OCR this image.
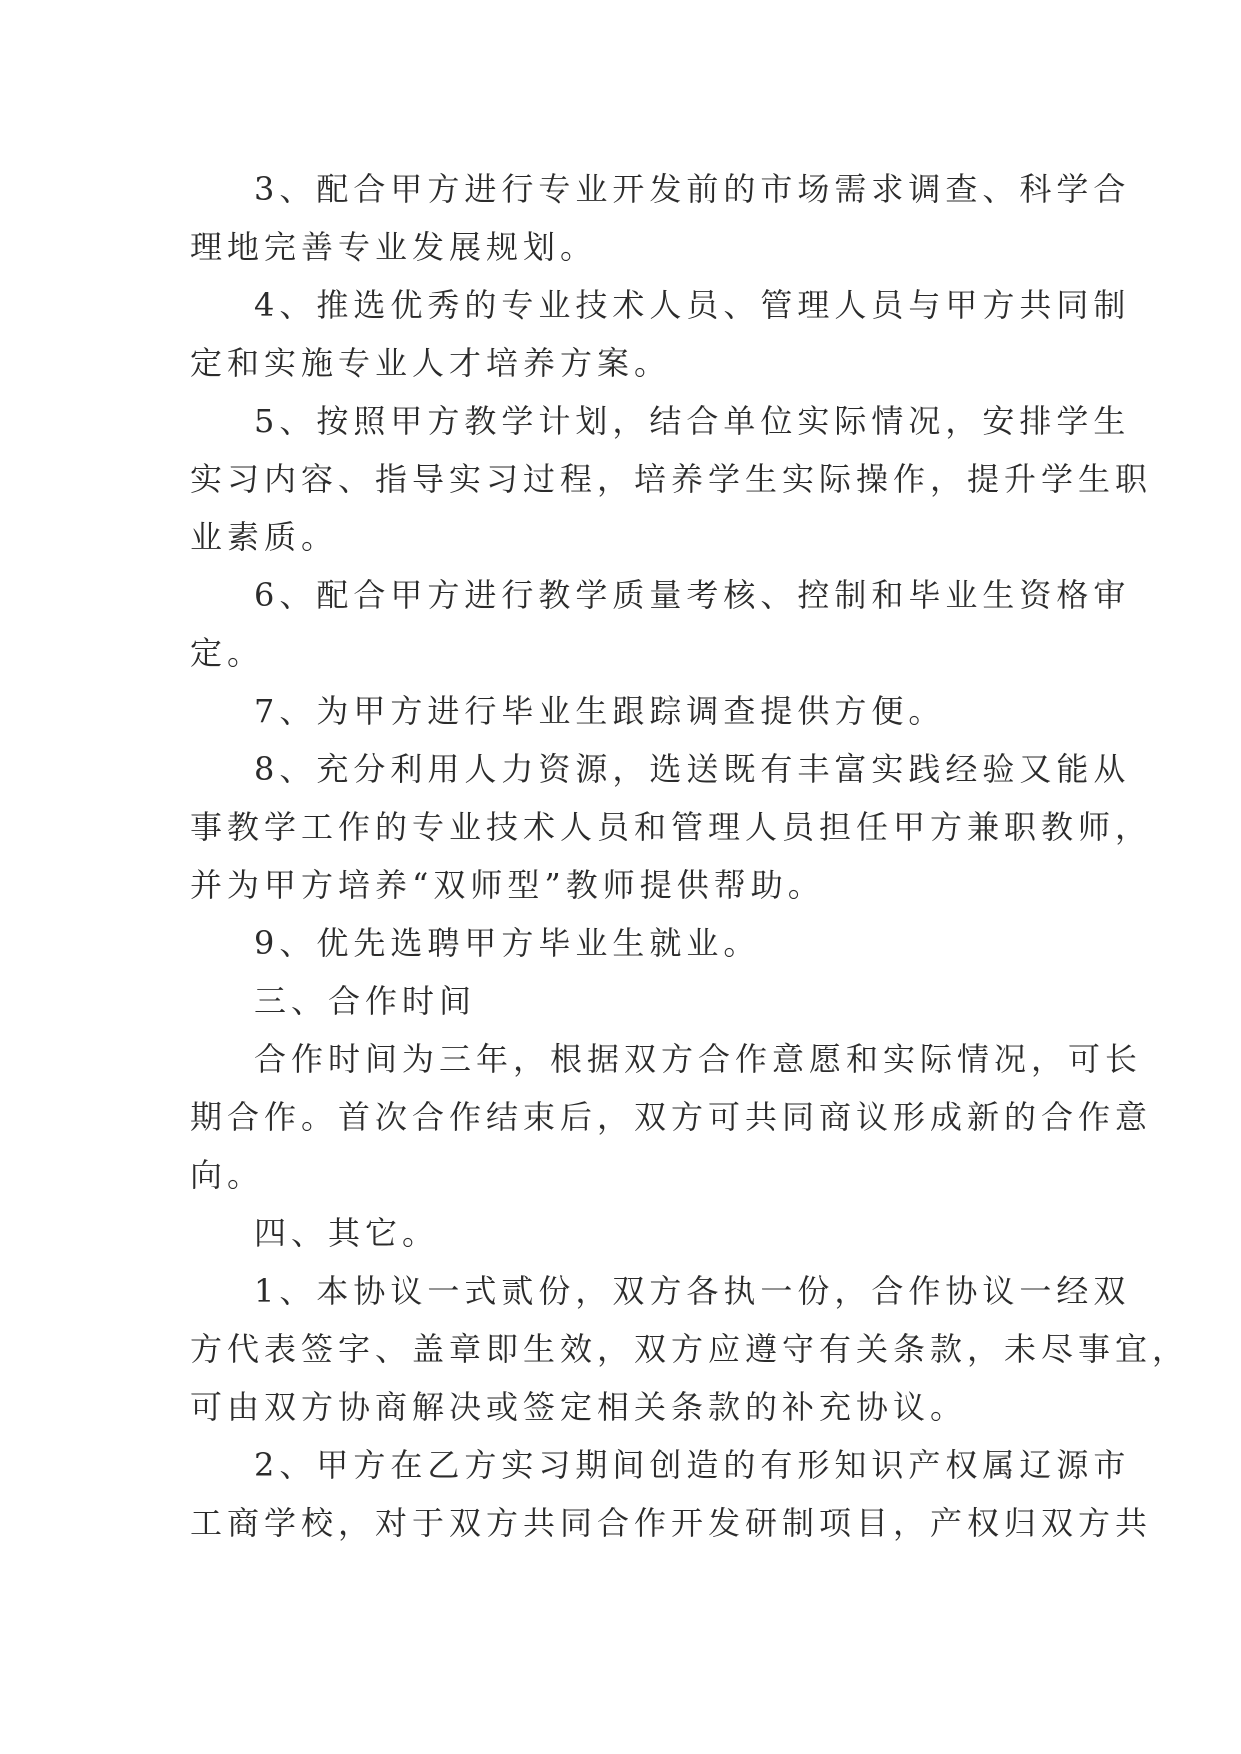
3、配合甲方进行专业开发前的市场需求调查、科学合
理地完善专业发展规划。

4、推选优秀的专业技术人员、管理人员与甲方共同制
定和实施专业人才培养方案。

5、按照甲方教学计划，结合单位实际情况，安排学生
实习内容、指导实习过程，培养学生实际操作，提升学生职
业素质。

6、配合甲方进行教学质量考核、控制和毕业生资格审
定。

7、为甲方进行毕业生跟踪调查提供方便。

8、充分利用人力资源，选送既有丰富实践经验又能从
事教学工作的专业技术人员和管理人员担任甲方兼职教师，
并为甲方培养“双师型”教师提供帮助。

9、优先选聘甲方毕业生就业。

三、合作时间

合作时间为三年，根据双方合作意愿和实际情况，可长
期合作。首次合作结束后，双方可共同商议形成新的合作意
向。

四、其它。

1、本协议一式贰份，双方各执一份，合作协议一经双
方代表签字、盖章即生效，双方应遵守有关条款，未尽事宜，
可由双方协商解决或签定相关条款的补充协议。

2、甲方在乙方实习期间创造的有形知识产权属辽源市
工商学校，对于双方共同合作开发研制项目，产权归双方共
